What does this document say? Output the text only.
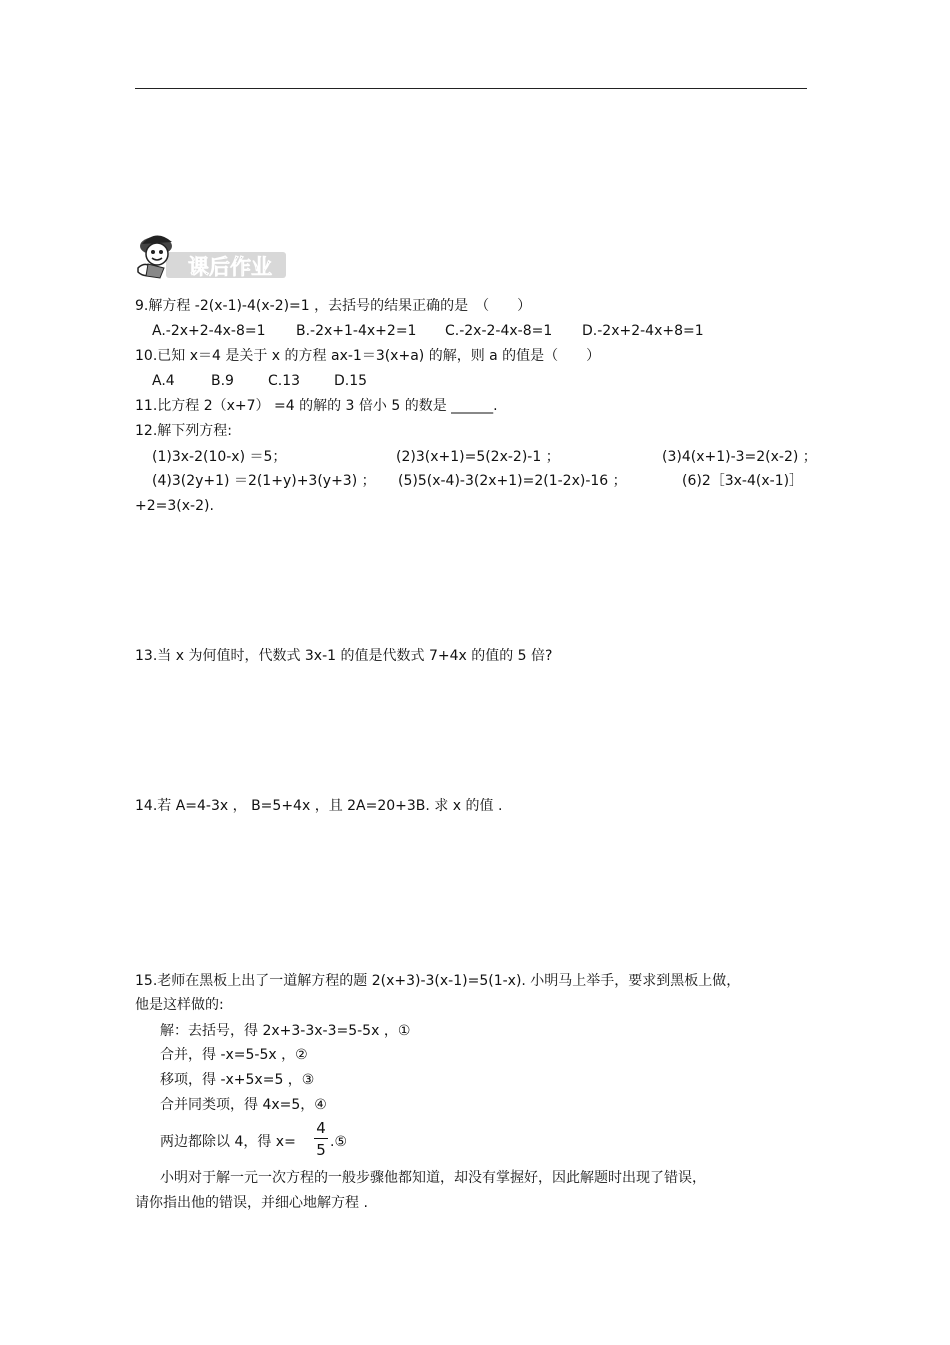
课后作业
9.解方程 -2(x-1)-4(x-2)=1 ，去括号的结果正确的是　（　　）
A.-2x+2-4x-8=1 B.-2x+1-4x+2=1 C.-2x-2-4x-8=1 D.-2x+2-4x+8=1
10.已知 x＝4 是关于 x 的方程 ax-1＝3(x+a) 的解，则 a 的值是（　　）
A.4	B.9 C.13 D.15
11.比方程 2（x+7） =4 的解的 3 倍小 5 的数是 ______.
12.解下列方程:
(1)3x-2(10-x) ＝5；	(2)3(x+1)=5(2x-2)-1 ；	(3)4(x+1)-3=2(x-2) ；
(4)3(2y+1) ＝2(1+y)+3(y+3) ； (5)5(x-4)-3(2x+1)=2(1-2x)-16 ；	(6)2［3x-4(x-1)］
+2=3(x-2).
13.当 x 为何值时，代数式 3x-1 的值是代数式 7+4x 的值的 5 倍?
14.若 A=4-3x ， B=5+4x ，且 2A=20+3B. 求 x 的值 .
15.老师在黑板上出了一道解方程的题 2(x+3)-3(x-1)=5(1-x). 小明马上举手，要求到黑板上做，
他是这样做的:
解：去括号，得 2x+3-3x-3=5-5x ，①
合并，得 -x=5-5x ，②
移项，得 -x+5x=5 ，③
合并同类项，得 4x=5，④
两边都除以 4，得 x=
4
5 .⑤
小明对于解一元一次方程的一般步骤他都知道，却没有掌握好，因此解题时出现了错误，
请你指出他的错误，并细心地解方程 .
